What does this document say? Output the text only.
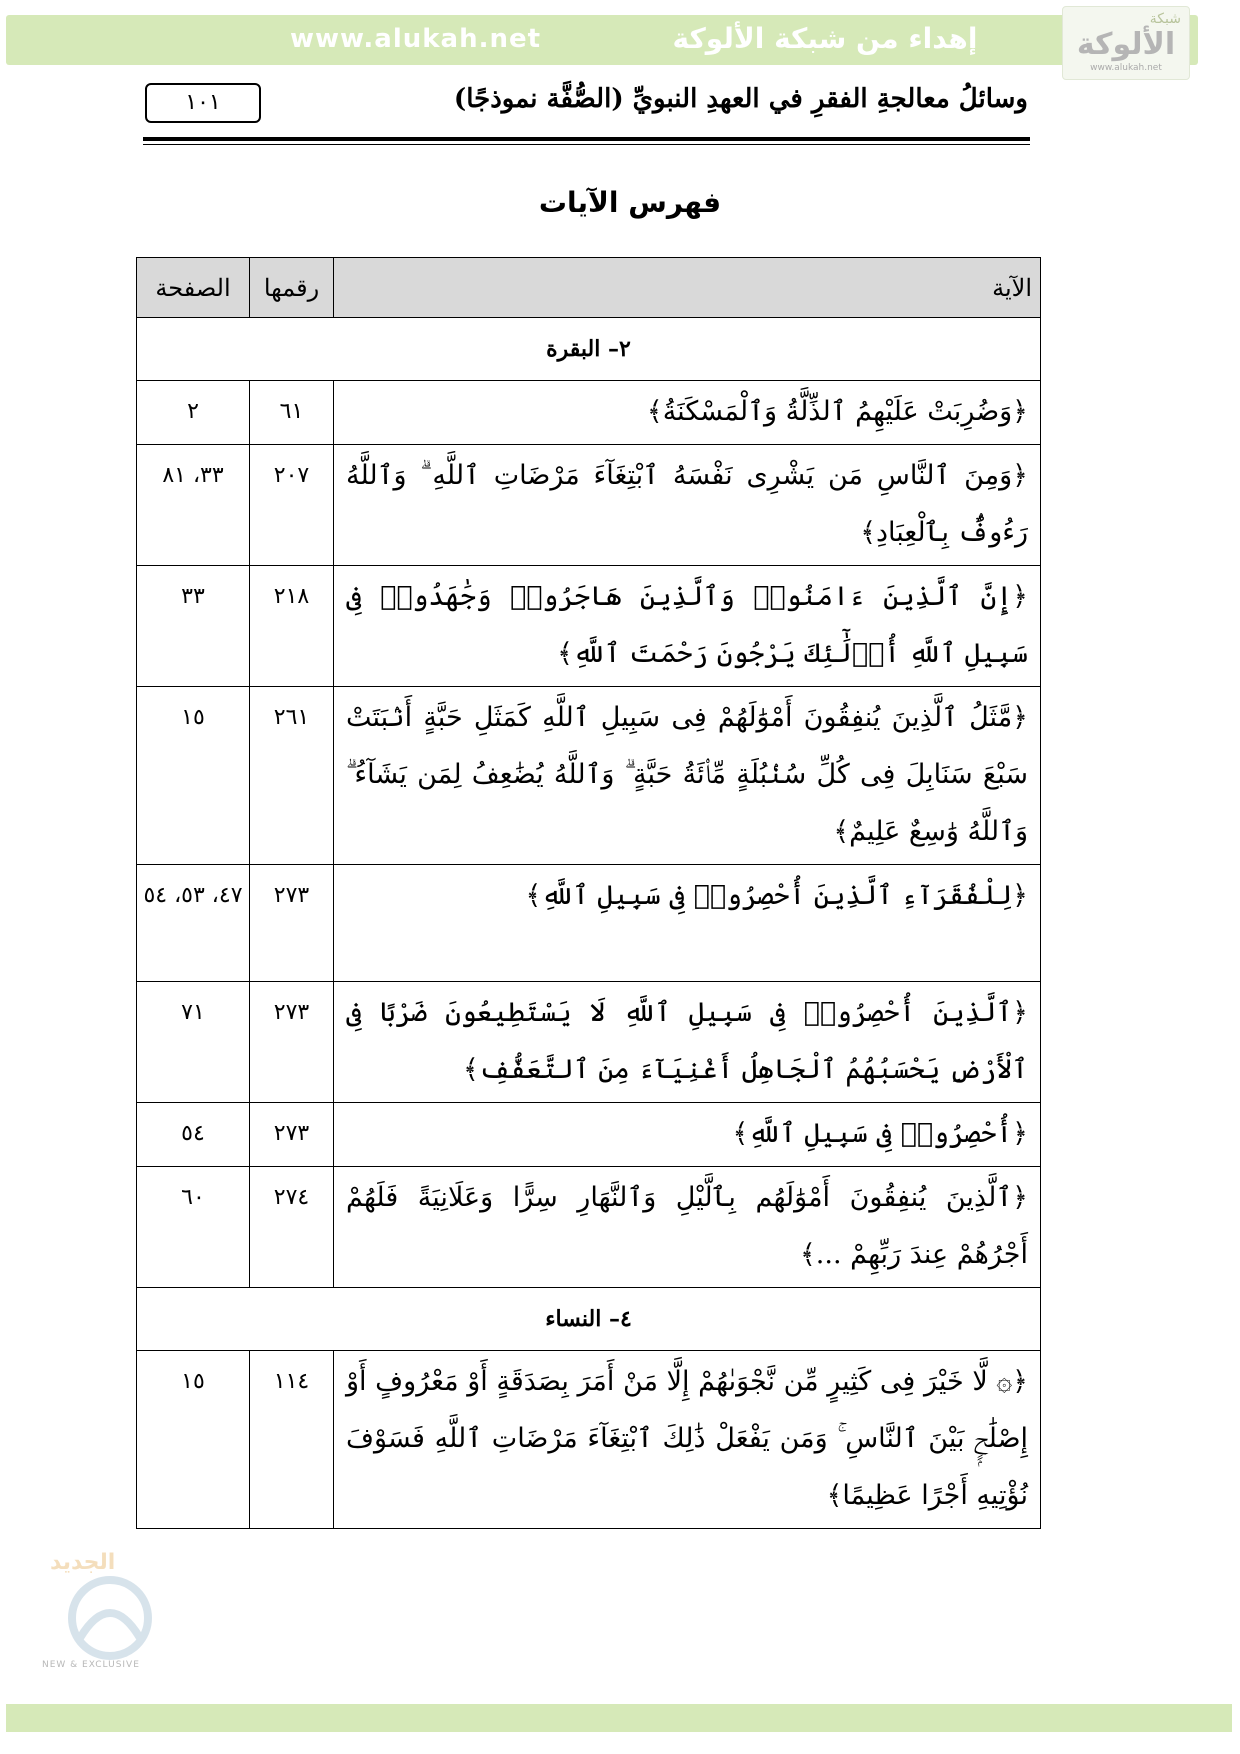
www.alukah.net	إهداء من شبكة الألوكة
شبكة
الألوكة
www.alukah.net
١٠١	وسائلُ معالجةِ الفقرِ في العهدِ النبويِّ (الصُّفَّة نموذجًا)
فهرس الآيات
الآية	رقمها	الصفحة
٢– البقرة		
﴿وَضُرِبَتْ عَلَيْهِمُ ٱلذِّلَّةُ وَٱلْمَسْكَنَةُ﴾	٦١	٢
﴿وَمِنَ ٱلنَّاسِ مَن يَشْرِى نَفْسَهُ ٱبْتِغَآءَ مَرْضَاتِ ٱللَّهِ ۗ وَٱللَّهُ رَءُوفٌۢ بِٱلْعِبَادِ﴾	٢٠٧	٣٣، ٨١
﴿إِنَّ ٱلَّذِينَ ءَامَنُوا۟ وَٱلَّذِينَ هَاجَرُوا۟ وَجَٰهَدُوا۟ فِى سَبِيلِ ٱللَّهِ أُو۟لَٰٓئِكَ يَرْجُونَ رَحْمَتَ ٱللَّهِ﴾	٢١٨	٣٣
﴿مَّثَلُ ٱلَّذِينَ يُنفِقُونَ أَمْوَٰلَهُمْ فِى سَبِيلِ ٱللَّهِ كَمَثَلِ حَبَّةٍ أَنۢبَتَتْ سَبْعَ سَنَابِلَ فِى كُلِّ سُنۢبُلَةٍ مِّا۟ئَةُ حَبَّةٍ ۗ وَٱللَّهُ يُضَٰعِفُ لِمَن يَشَآءُ ۗ وَٱللَّهُ وَٰسِعٌ عَلِيمٌ﴾	٢٦١	١٥
﴿لِلْفُقَرَآءِ ٱلَّذِينَ أُحْصِرُوا۟ فِى سَبِيلِ ٱللَّهِ﴾	٢٧٣	٤٧، ٥٣، ٥٤
﴿ٱلَّذِينَ أُحْصِرُوا۟ فِى سَبِيلِ ٱللَّهِ لَا يَسْتَطِيعُونَ ضَرْبًا فِى ٱلْأَرْضِ يَحْسَبُهُمُ ٱلْجَاهِلُ أَغْنِيَآءَ مِنَ ٱلتَّعَفُّفِ﴾	٢٧٣	٧١
﴿أُحْصِرُوا۟ فِى سَبِيلِ ٱللَّهِ﴾	٢٧٣	٥٤
﴿ٱلَّذِينَ يُنفِقُونَ أَمْوَٰلَهُم بِٱلَّيْلِ وَٱلنَّهَارِ سِرًّا وَعَلَانِيَةً فَلَهُمْ أَجْرُهُمْ عِندَ رَبِّهِمْ ...﴾	٢٧٤	٦٠
٤– النساء		
﴿۞ لَّا خَيْرَ فِى كَثِيرٍ مِّن نَّجْوَىٰهُمْ إِلَّا مَنْ أَمَرَ بِصَدَقَةٍ أَوْ مَعْرُوفٍ أَوْ إِصْلَٰحٍۭ بَيْنَ ٱلنَّاسِ ۚ وَمَن يَفْعَلْ ذَٰلِكَ ٱبْتِغَآءَ مَرْضَاتِ ٱللَّهِ فَسَوْفَ نُؤْتِيهِ أَجْرًا عَظِيمًا﴾	١١٤	١٥
الجديد
NEW & EXCLUSIVE
